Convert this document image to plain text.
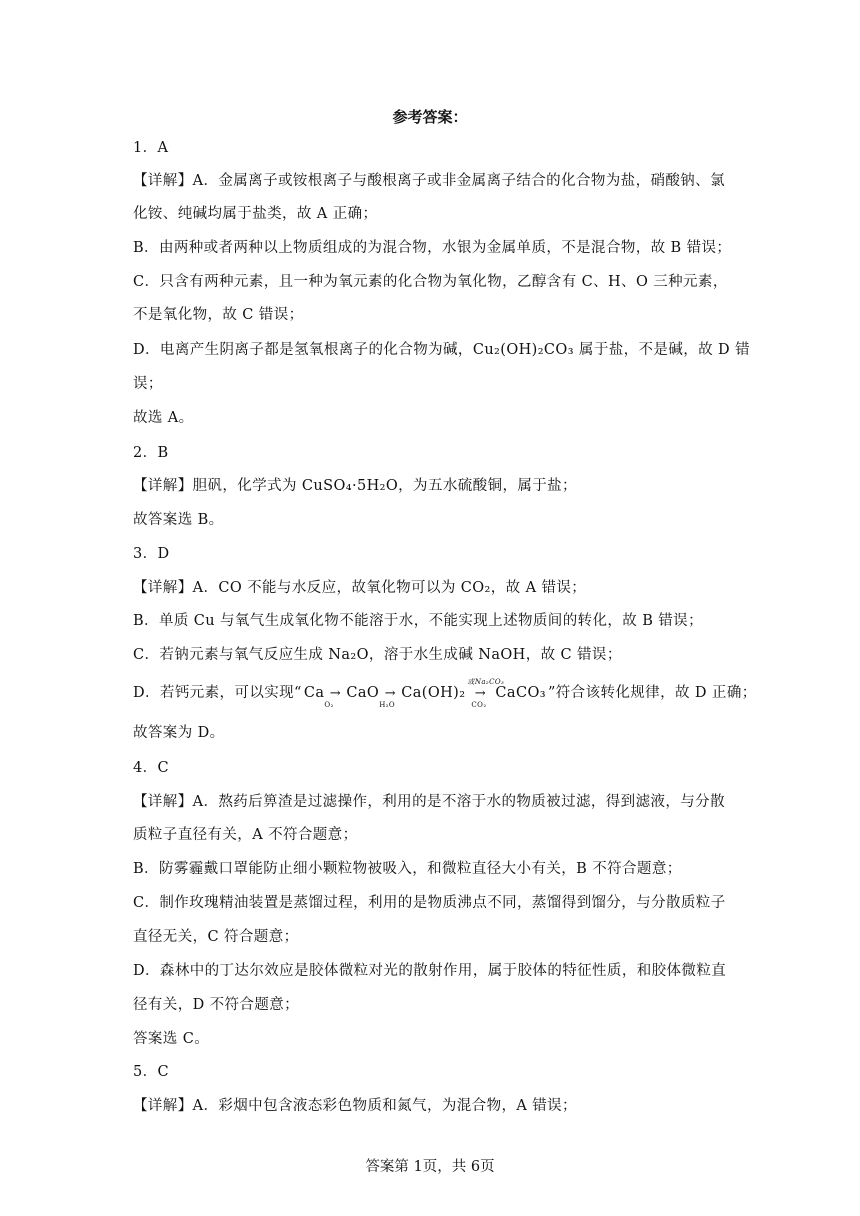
参考答案：
1．A
【详解】A．金属离子或铵根离子与酸根离子或非金属离子结合的化合物为盐，硝酸钠、氯
化铵、纯碱均属于盐类，故 A 正确；
B．由两种或者两种以上物质组成的为混合物，水银为金属单质，不是混合物，故 B 错误；
C．只含有两种元素，且一种为氧元素的化合物为氧化物，乙醇含有 C、H、O 三种元素，
不是氧化物，故 C 错误；
D．电离产生阴离子都是氢氧根离子的化合物为碱，Cu₂(OH)₂CO₃ 属于盐，不是碱，故 D 错
误；
故选 A。
2．B
【详解】胆矾，化学式为 CuSO₄·5H₂O，为五水硫酸铜，属于盐；
故答案选 B。
3．D
【详解】A．CO 不能与水反应，故氧化物可以为 CO₂，故 A 错误；
B．单质 Cu 与氧气生成氧化物不能溶于水，不能实现上述物质间的转化，故 B 错误；
C．若钠元素与氧气反应生成 Na₂O，溶于水生成碱 NaOH，故 C 错误；
D．若钙元素，可以实现“ Ca →
O₂
CaO →
H₂O
Ca(OH)₂
或Na₂CO₃
→
CO₂
CaCO₃ ”符合该转化规律，故 D 正确；
故答案为 D。
4．C
【详解】A．熬药后箅渣是过滤操作，利用的是不溶于水的物质被过滤，得到滤液，与分散
质粒子直径有关，A 不符合题意；
B．防雾霾戴口罩能防止细小颗粒物被吸入，和微粒直径大小有关，B 不符合题意；
C．制作玫瑰精油装置是蒸馏过程，利用的是物质沸点不同，蒸馏得到馏分，与分散质粒子
直径无关，C 符合题意；
D．森林中的丁达尔效应是胶体微粒对光的散射作用，属于胶体的特征性质，和胶体微粒直
径有关，D 不符合题意；
答案选 C。
5．C
【详解】A．彩烟中包含液态彩色物质和氮气，为混合物，A 错误；
答案第 1页，共 6页
